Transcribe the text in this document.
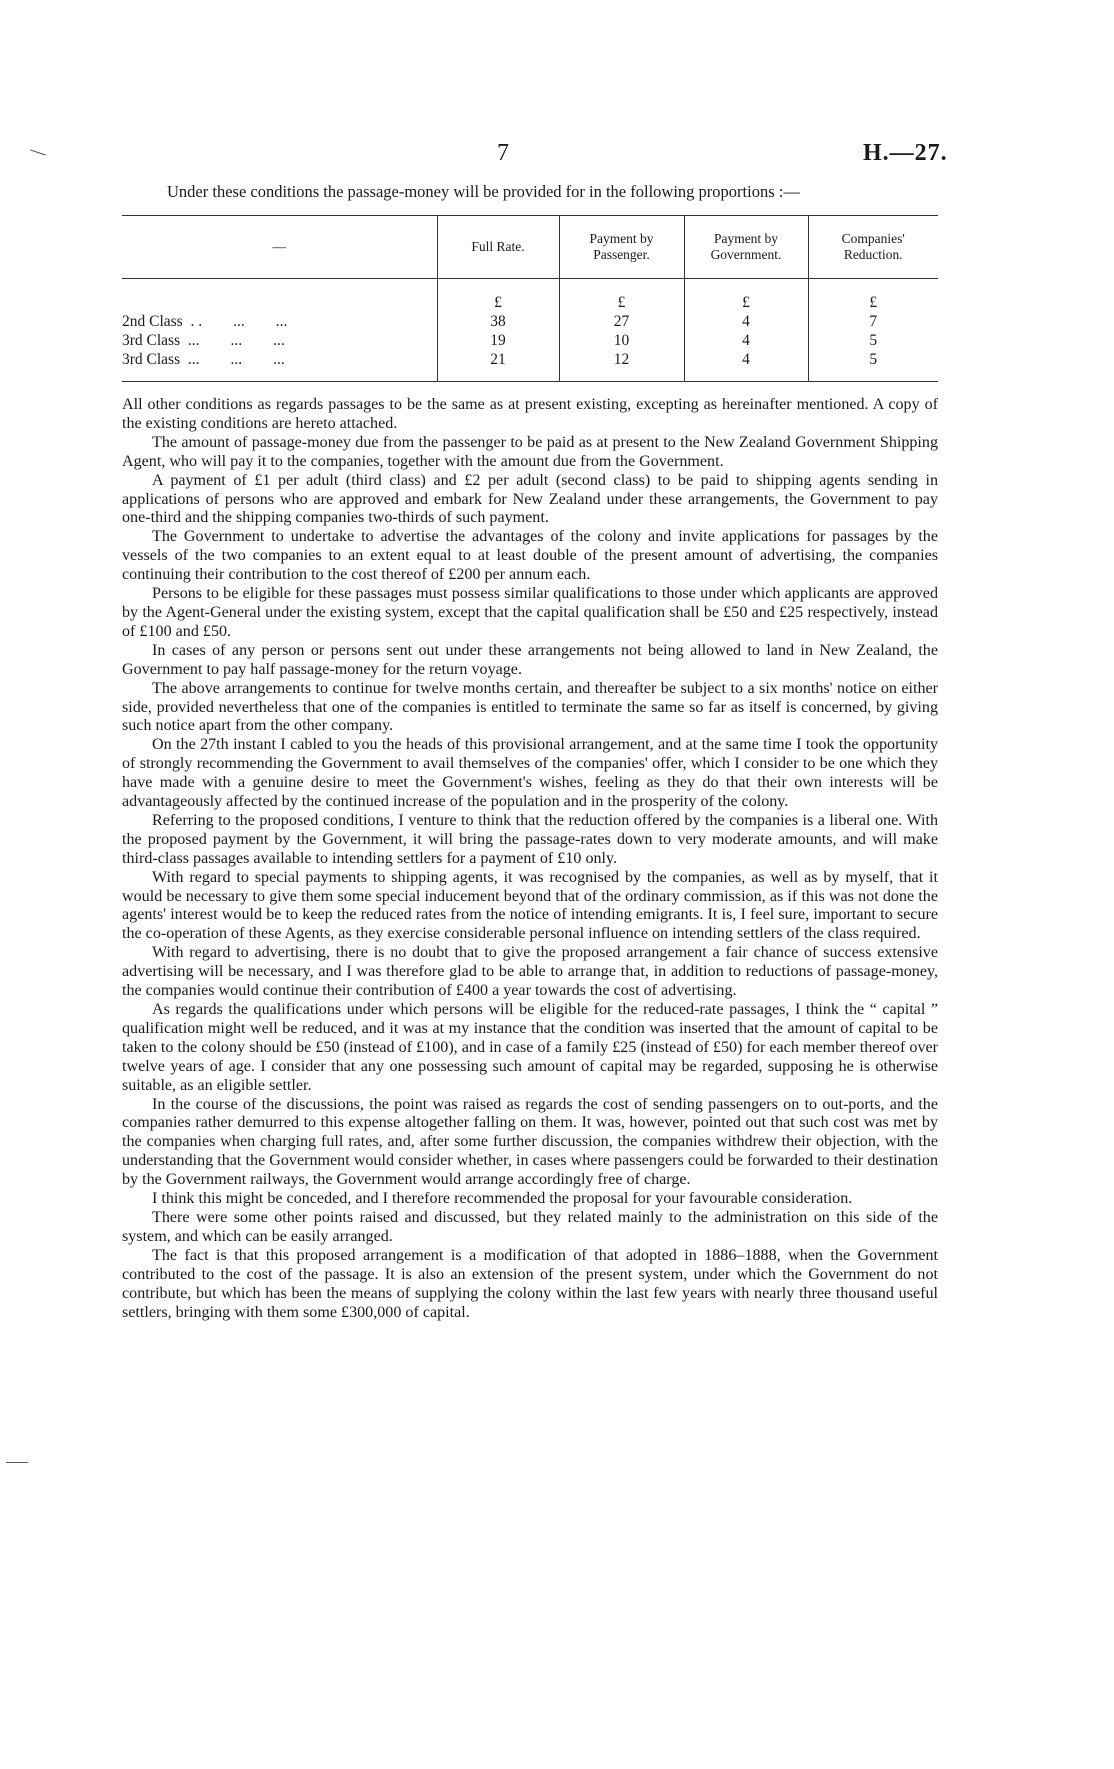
7	H.—27.

Under these conditions the passage-money will be provided for in the following proportions :—

—	Full Rate.	Payment by Passenger.	Payment by Government.	Companies' Reduction.
	£	£	£	£
2nd Class  . .        ...        ...	38	27	4	7
3rd Class  ...        ...        ...	19	10	4	5
3rd Class  ...        ...        ...	21	12	4	5

All other conditions as regards passages to be the same as at present existing, excepting as hereinafter mentioned. A copy of the existing conditions are hereto attached.

The amount of passage-money due from the passenger to be paid as at present to the New Zealand Government Shipping Agent, who will pay it to the companies, together with the amount due from the Government.

A payment of £1 per adult (third class) and £2 per adult (second class) to be paid to shipping agents sending in applications of persons who are approved and embark for New Zealand under these arrangements, the Government to pay one-third and the shipping companies two-thirds of such payment.

The Government to undertake to advertise the advantages of the colony and invite applications for passages by the vessels of the two companies to an extent equal to at least double of the present amount of advertising, the companies continuing their contribution to the cost thereof of £200 per annum each.

Persons to be eligible for these passages must possess similar qualifications to those under which applicants are approved by the Agent-General under the existing system, except that the capital qualification shall be £50 and £25 respectively, instead of £100 and £50.

In cases of any person or persons sent out under these arrangements not being allowed to land in New Zealand, the Government to pay half passage-money for the return voyage.

The above arrangements to continue for twelve months certain, and thereafter be subject to a six months' notice on either side, provided nevertheless that one of the companies is entitled to terminate the same so far as itself is concerned, by giving such notice apart from the other company.

On the 27th instant I cabled to you the heads of this provisional arrangement, and at the same time I took the opportunity of strongly recommending the Government to avail themselves of the companies' offer, which I consider to be one which they have made with a genuine desire to meet the Government's wishes, feeling as they do that their own interests will be advantageously affected by the continued increase of the population and in the prosperity of the colony.

Referring to the proposed conditions, I venture to think that the reduction offered by the companies is a liberal one. With the proposed payment by the Government, it will bring the passage-rates down to very moderate amounts, and will make third-class passages available to intending settlers for a payment of £10 only.

With regard to special payments to shipping agents, it was recognised by the companies, as well as by myself, that it would be necessary to give them some special inducement beyond that of the ordinary commission, as if this was not done the agents' interest would be to keep the reduced rates from the notice of intending emigrants. It is, I feel sure, important to secure the co-operation of these Agents, as they exercise considerable personal influence on intending settlers of the class required.

With regard to advertising, there is no doubt that to give the proposed arrangement a fair chance of success extensive advertising will be necessary, and I was therefore glad to be able to arrange that, in addition to reductions of passage-money, the companies would continue their contribution of £400 a year towards the cost of advertising.

As regards the qualifications under which persons will be eligible for the reduced-rate passages, I think the “ capital ” qualification might well be reduced, and it was at my instance that the condition was inserted that the amount of capital to be taken to the colony should be £50 (instead of £100), and in case of a family £25 (instead of £50) for each member thereof over twelve years of age. I consider that any one possessing such amount of capital may be regarded, supposing he is otherwise suitable, as an eligible settler.

In the course of the discussions, the point was raised as regards the cost of sending passengers on to out-ports, and the companies rather demurred to this expense altogether falling on them. It was, however, pointed out that such cost was met by the companies when charging full rates, and, after some further discussion, the companies withdrew their objection, with the understanding that the Government would consider whether, in cases where passengers could be forwarded to their destination by the Government railways, the Government would arrange accordingly free of charge.

I think this might be conceded, and I therefore recommended the proposal for your favourable consideration.

There were some other points raised and discussed, but they related mainly to the administration on this side of the system, and which can be easily arranged.

The fact is that this proposed arrangement is a modification of that adopted in 1886–1888, when the Government contributed to the cost of the passage. It is also an extension of the present system, under which the Government do not contribute, but which has been the means of supplying the colony within the last few years with nearly three thousand useful settlers, bringing with them some £300,000 of capital.
